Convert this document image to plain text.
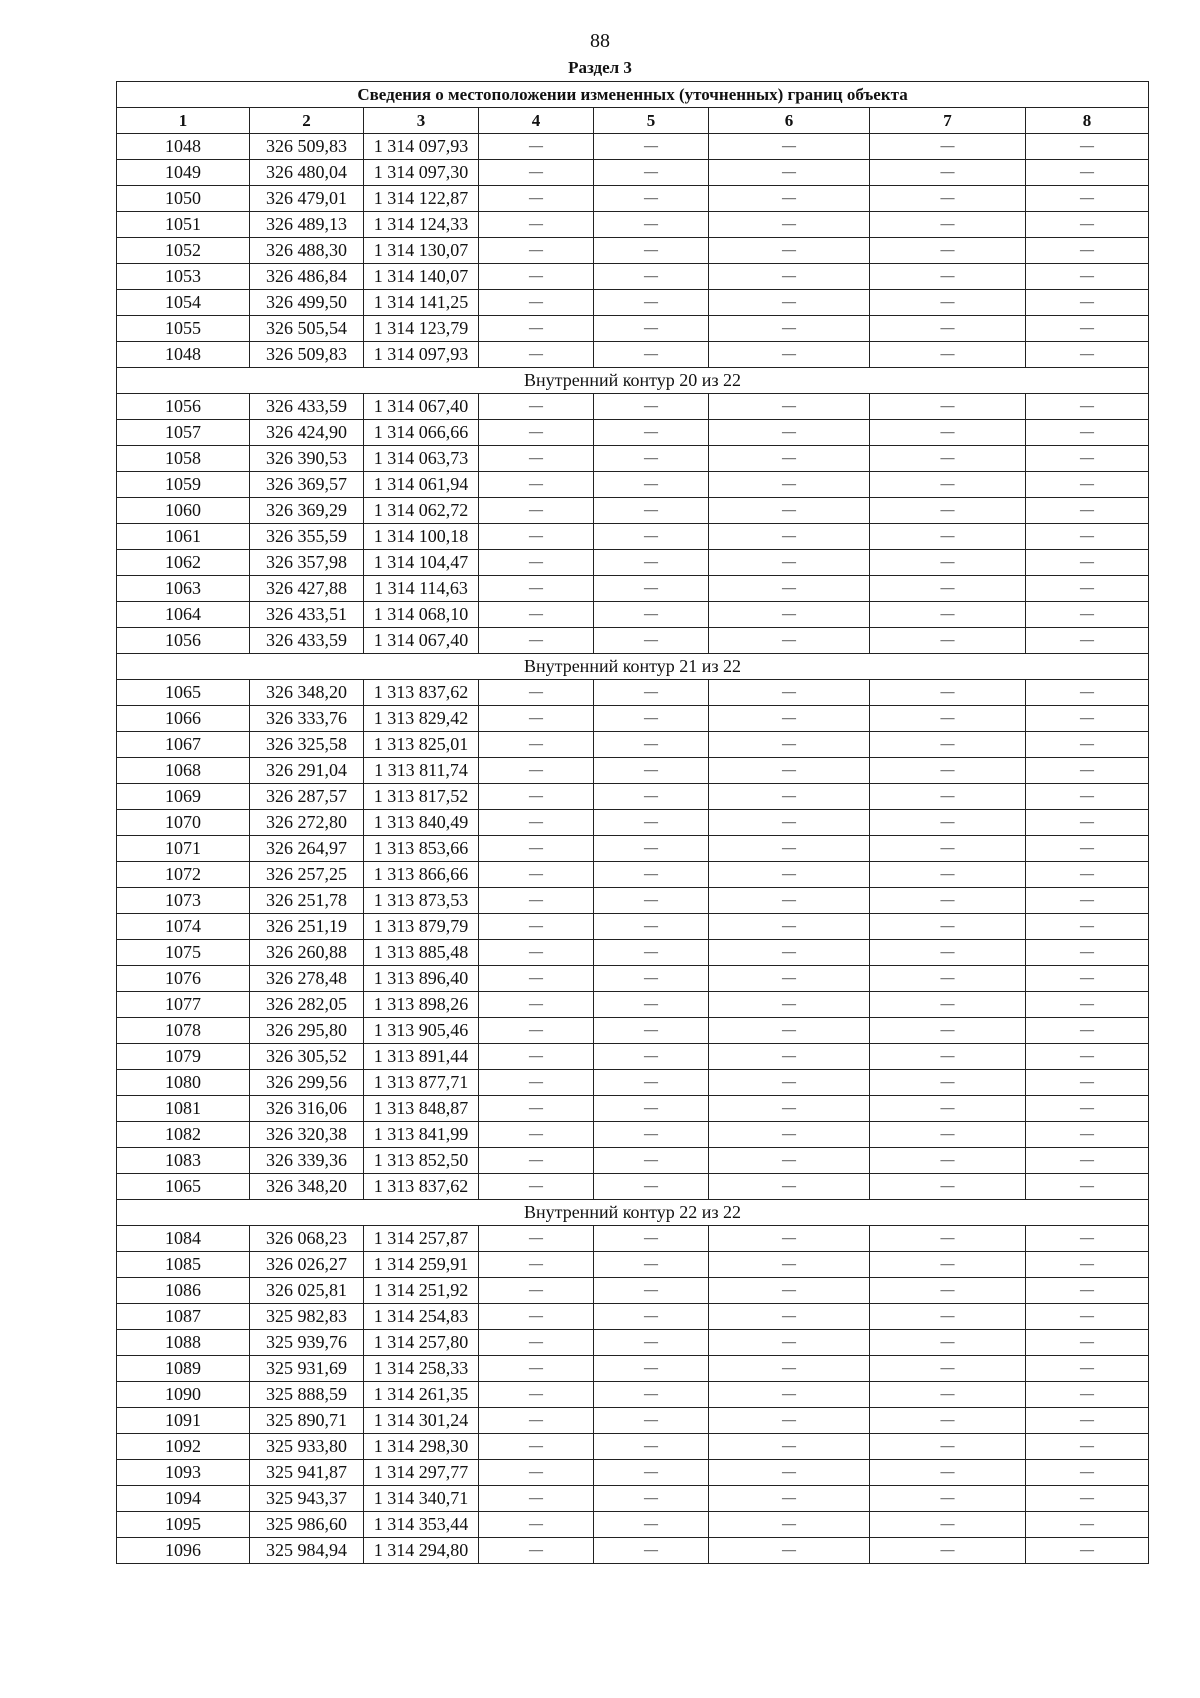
88
Раздел 3
Сведения о местоположении измененных (уточненных) границ объекта							
1	2	3	4	5	6	7	8
1048	326 509,83	1 314 097,93	—	—	—	—	—
1049	326 480,04	1 314 097,30	—	—	—	—	—
1050	326 479,01	1 314 122,87	—	—	—	—	—
1051	326 489,13	1 314 124,33	—	—	—	—	—
1052	326 488,30	1 314 130,07	—	—	—	—	—
1053	326 486,84	1 314 140,07	—	—	—	—	—
1054	326 499,50	1 314 141,25	—	—	—	—	—
1055	326 505,54	1 314 123,79	—	—	—	—	—
1048	326 509,83	1 314 097,93	—	—	—	—	—
Внутренний контур 20 из 22							
1056	326 433,59	1 314 067,40	—	—	—	—	—
1057	326 424,90	1 314 066,66	—	—	—	—	—
1058	326 390,53	1 314 063,73	—	—	—	—	—
1059	326 369,57	1 314 061,94	—	—	—	—	—
1060	326 369,29	1 314 062,72	—	—	—	—	—
1061	326 355,59	1 314 100,18	—	—	—	—	—
1062	326 357,98	1 314 104,47	—	—	—	—	—
1063	326 427,88	1 314 114,63	—	—	—	—	—
1064	326 433,51	1 314 068,10	—	—	—	—	—
1056	326 433,59	1 314 067,40	—	—	—	—	—
Внутренний контур 21 из 22							
1065	326 348,20	1 313 837,62	—	—	—	—	—
1066	326 333,76	1 313 829,42	—	—	—	—	—
1067	326 325,58	1 313 825,01	—	—	—	—	—
1068	326 291,04	1 313 811,74	—	—	—	—	—
1069	326 287,57	1 313 817,52	—	—	—	—	—
1070	326 272,80	1 313 840,49	—	—	—	—	—
1071	326 264,97	1 313 853,66	—	—	—	—	—
1072	326 257,25	1 313 866,66	—	—	—	—	—
1073	326 251,78	1 313 873,53	—	—	—	—	—
1074	326 251,19	1 313 879,79	—	—	—	—	—
1075	326 260,88	1 313 885,48	—	—	—	—	—
1076	326 278,48	1 313 896,40	—	—	—	—	—
1077	326 282,05	1 313 898,26	—	—	—	—	—
1078	326 295,80	1 313 905,46	—	—	—	—	—
1079	326 305,52	1 313 891,44	—	—	—	—	—
1080	326 299,56	1 313 877,71	—	—	—	—	—
1081	326 316,06	1 313 848,87	—	—	—	—	—
1082	326 320,38	1 313 841,99	—	—	—	—	—
1083	326 339,36	1 313 852,50	—	—	—	—	—
1065	326 348,20	1 313 837,62	—	—	—	—	—
Внутренний контур 22 из 22							
1084	326 068,23	1 314 257,87	—	—	—	—	—
1085	326 026,27	1 314 259,91	—	—	—	—	—
1086	326 025,81	1 314 251,92	—	—	—	—	—
1087	325 982,83	1 314 254,83	—	—	—	—	—
1088	325 939,76	1 314 257,80	—	—	—	—	—
1089	325 931,69	1 314 258,33	—	—	—	—	—
1090	325 888,59	1 314 261,35	—	—	—	—	—
1091	325 890,71	1 314 301,24	—	—	—	—	—
1092	325 933,80	1 314 298,30	—	—	—	—	—
1093	325 941,87	1 314 297,77	—	—	—	—	—
1094	325 943,37	1 314 340,71	—	—	—	—	—
1095	325 986,60	1 314 353,44	—	—	—	—	—
1096	325 984,94	1 314 294,80	—	—	—	—	—
